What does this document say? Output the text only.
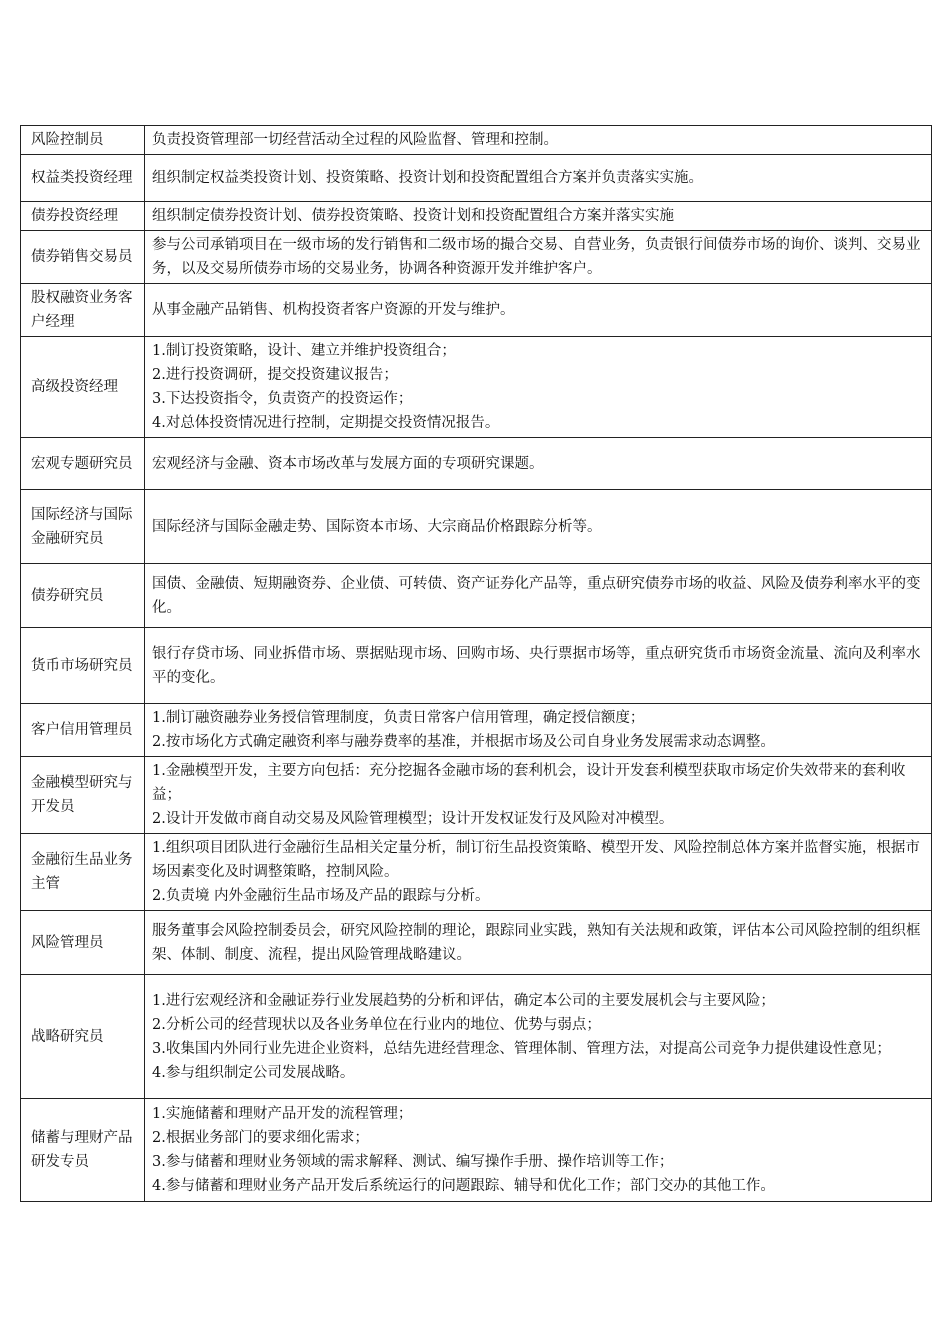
风险控制员	负责投资管理部一切经营活动全过程的风险监督、管理和控制。

权益类投资经理	组织制定权益类投资计划、投资策略、投资计划和投资配置组合方案并负责落实实施。

债券投资经理	组织制定债券投资计划、债券投资策略、投资计划和投资配置组合方案并落实实施

债券销售交易员	参与公司承销项目在一级市场的发行销售和二级市场的撮合交易、自营业务，负责银行间债券市场的询价、谈判、交易业务，以及交易所债券市场的交易业务，协调各种资源开发并维护客户。

股权融资业务客户经理	从事金融产品销售、机构投资者客户资源的开发与维护。

高级投资经理	1.制订投资策略，设计、建立并维护投资组合；
2.进行投资调研，提交投资建议报告；
3.下达投资指令，负责资产的投资运作；
4.对总体投资情况进行控制，定期提交投资情况报告。

宏观专题研究员	宏观经济与金融、资本市场改革与发展方面的专项研究课题。

国际经济与国际金融研究员	国际经济与国际金融走势、国际资本市场、大宗商品价格跟踪分析等。

债券研究员	国债、金融债、短期融资券、企业债、可转债、资产证券化产品等，重点研究债券市场的收益、风险及债券利率水平的变化。

货币市场研究员	银行存贷市场、同业拆借市场、票据贴现市场、回购市场、央行票据市场等，重点研究货币市场资金流量、流向及利率水平的变化。

客户信用管理员	1.制订融资融券业务授信管理制度，负责日常客户信用管理，确定授信额度；
2.按市场化方式确定融资利率与融券费率的基准，并根据市场及公司自身业务发展需求动态调整。

金融模型研究与开发员	1.金融模型开发，主要方向包括：充分挖掘各金融市场的套利机会，设计开发套利模型获取市场定价失效带来的套利收益；
2.设计开发做市商自动交易及风险管理模型；设计开发权证发行及风险对冲模型。

金融衍生品业务主管	1.组织项目团队进行金融衍生品相关定量分析，制订衍生品投资策略、模型开发、风险控制总体方案并监督实施，根据市场因素变化及时调整策略，控制风险。
2.负责境 内外金融衍生品市场及产品的跟踪与分析。

风险管理员	服务董事会风险控制委员会，研究风险控制的理论，跟踪同业实践，熟知有关法规和政策，评估本公司风险控制的组织框架、体制、制度、流程，提出风险管理战略建议。

战略研究员	1.进行宏观经济和金融证券行业发展趋势的分析和评估，确定本公司的主要发展机会与主要风险；
2.分析公司的经营现状以及各业务单位在行业内的地位、优势与弱点；
3.收集国内外同行业先进企业资料，总结先进经营理念、管理体制、管理方法，对提高公司竞争力提供建设性意见；
4.参与组织制定公司发展战略。

储蓄与理财产品研发专员	1.实施储蓄和理财产品开发的流程管理；
2.根据业务部门的要求细化需求；
3.参与储蓄和理财业务领域的需求解释、测试、编写操作手册、操作培训等工作；
4.参与储蓄和理财业务产品开发后系统运行的问题跟踪、辅导和优化工作；部门交办的其他工作。
